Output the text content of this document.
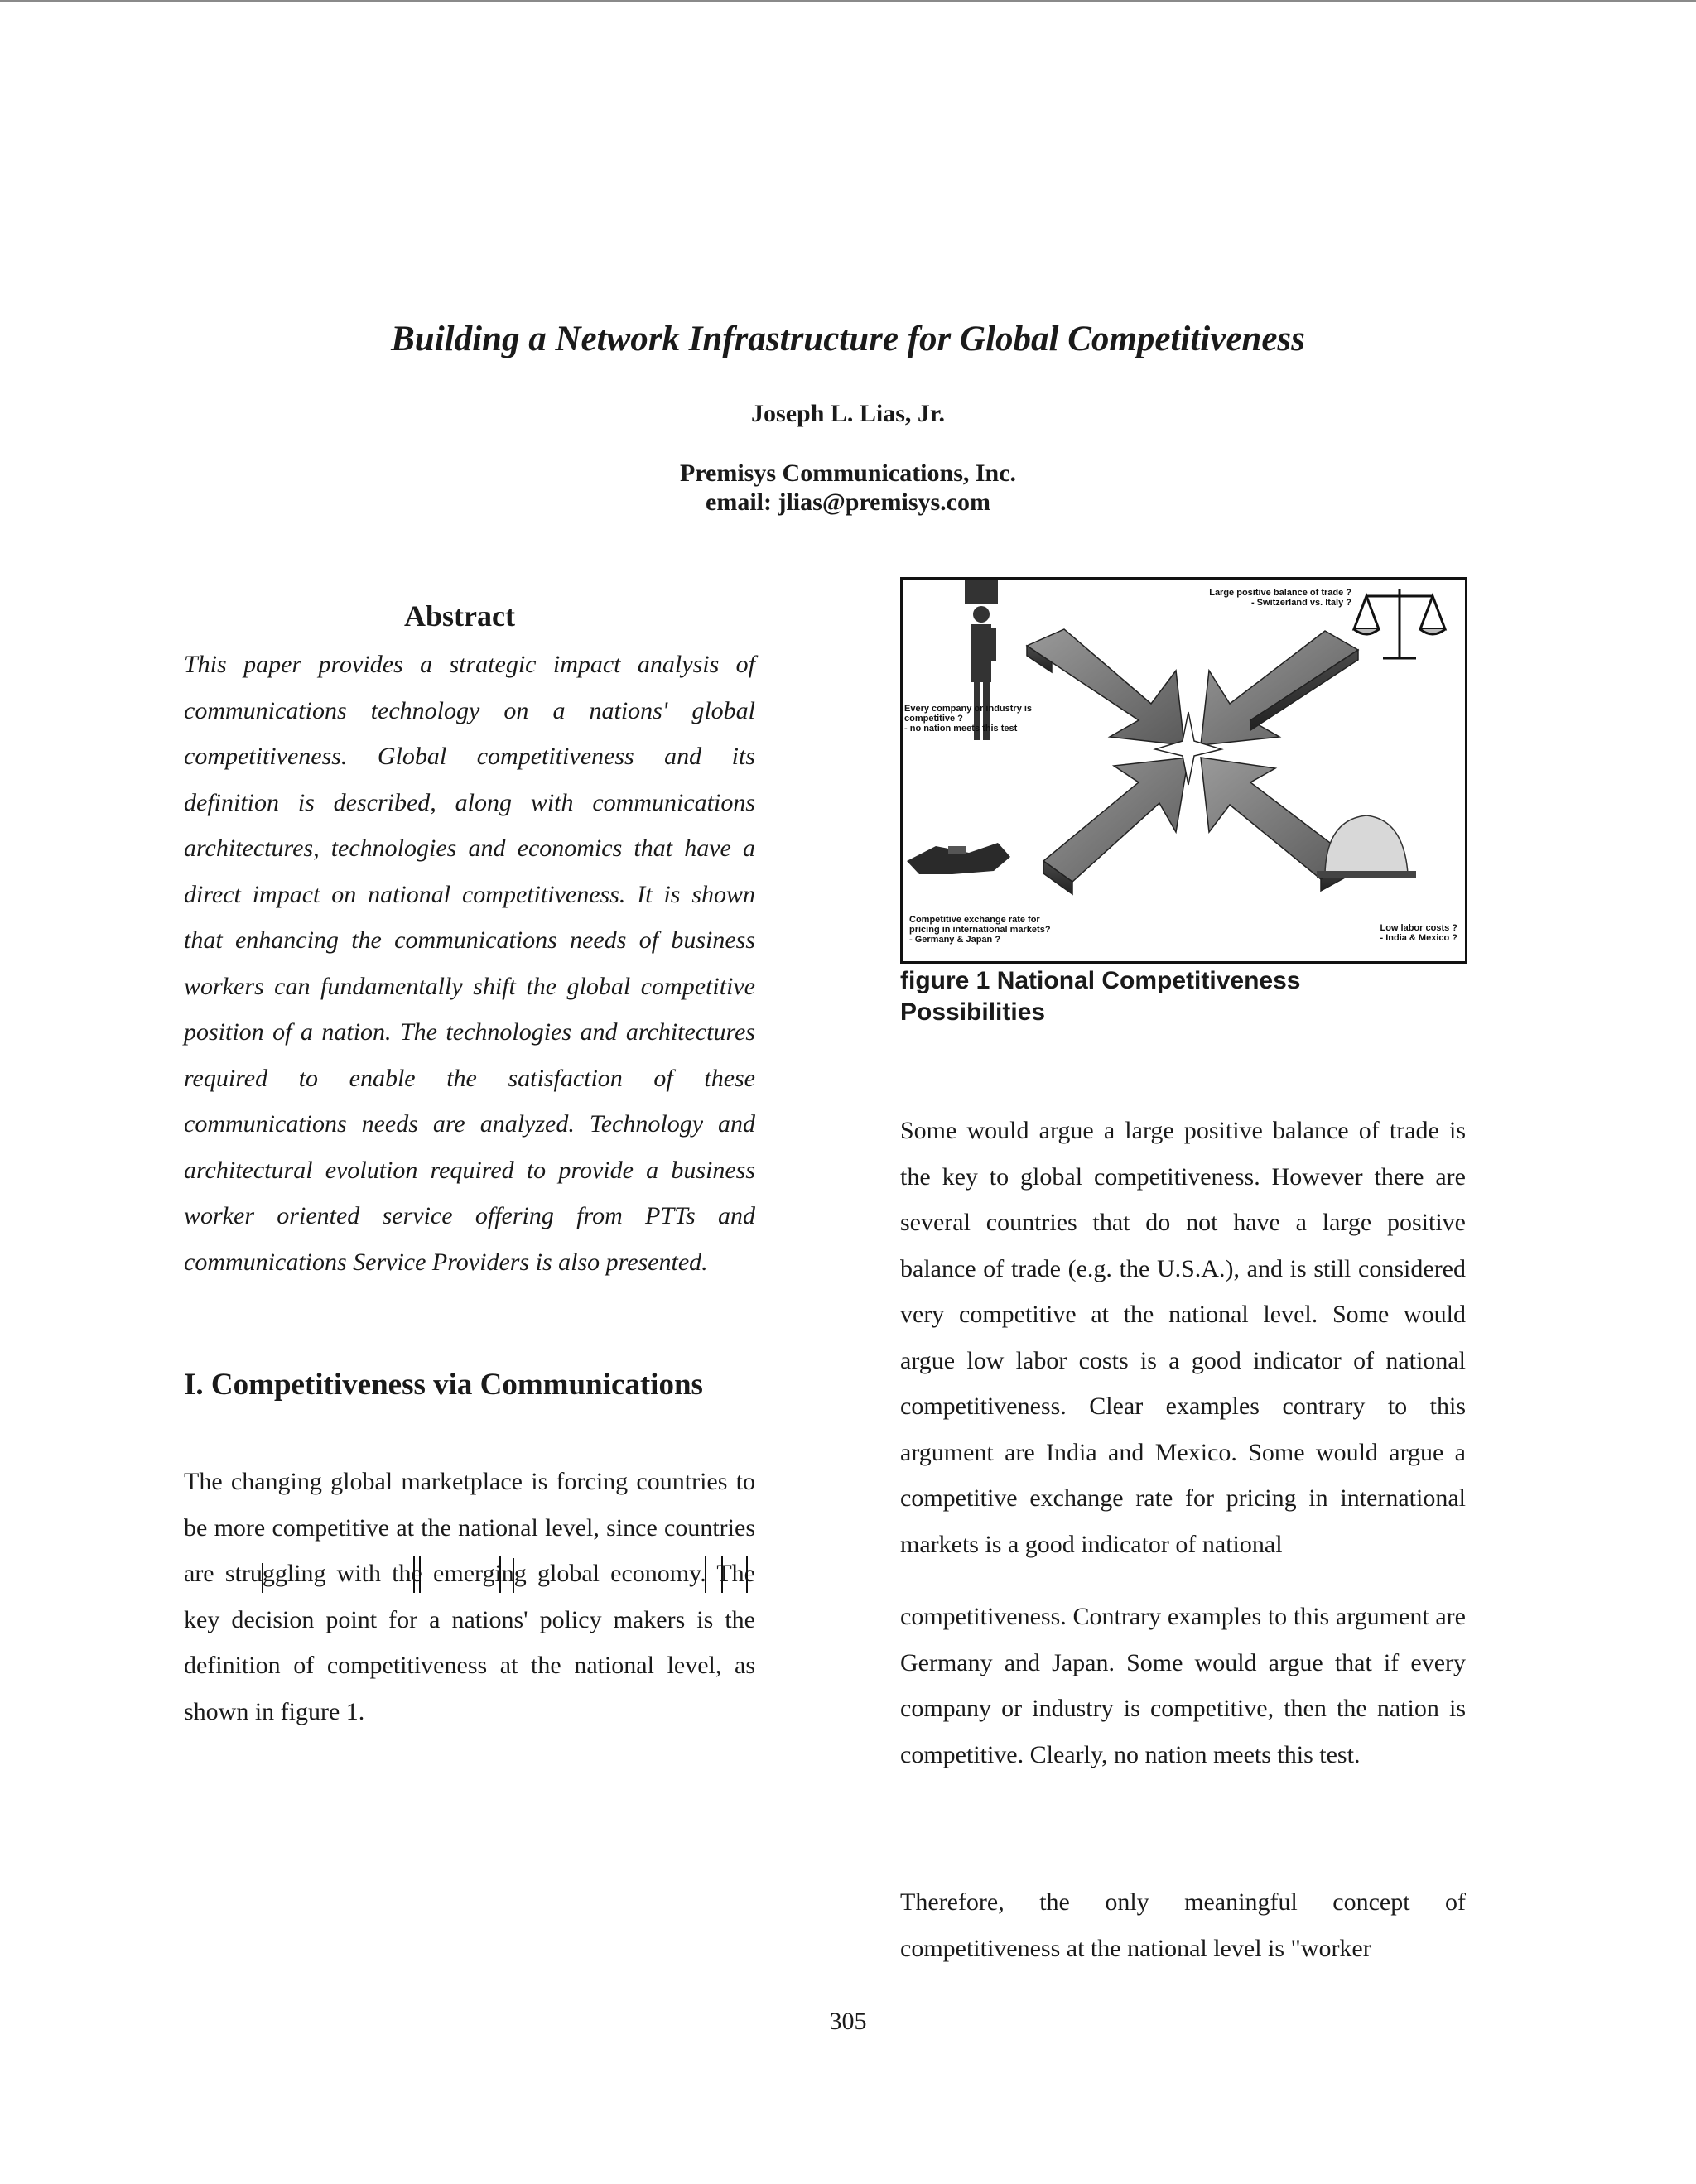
Building a Network Infrastructure for Global Competitiveness
Joseph L. Lias, Jr.
Premisys Communications, Inc.
email: jlias@premisys.com
Abstract
This paper provides a strategic impact analysis of communications technology on a nations' global competitiveness. Global competitiveness and its definition is described, along with communications architectures, technologies and economics that have a direct impact on national competitiveness. It is shown that enhancing the communications needs of business workers can fundamentally shift the global competitive position of a nation. The technologies and architectures required to enable the satisfaction of these communications needs are analyzed. Technology and architectural evolution required to provide a business worker oriented service offering from PTTs and communications Service Providers is also presented.
I. Competitiveness via Communications
The changing global marketplace is forcing countries to be more competitive at the national level, since countries are struggling with the emerging global economy. The key decision point for a nations' policy makers is the definition of competitiveness at the national level, as shown in figure 1.
Large positive balance of trade ?
- Switzerland vs. Italy ?
Every company or industry is
competitive ?
- no nation meets this test
Competitive exchange rate for
pricing in international markets?
- Germany & Japan ?
Low labor costs ?
- India & Mexico ?
figure 1 National Competitiveness Possibilities
Some would argue a large positive balance of trade is the key to global competitiveness. However there are several countries that do not have a large positive balance of trade (e.g. the U.S.A.), and is still considered very competitive at the national level. Some would argue low labor costs is a good indicator of national competitiveness. Clear examples contrary to this argument are India and Mexico. Some would argue a competitive exchange rate for pricing in international markets is a good indicator of national
competitiveness. Contrary examples to this argument are Germany and Japan. Some would argue that if every company or industry is competitive, then the nation is competitive. Clearly, no nation meets this test.
Therefore, the only meaningful concept of competitiveness at the national level is "worker
305
